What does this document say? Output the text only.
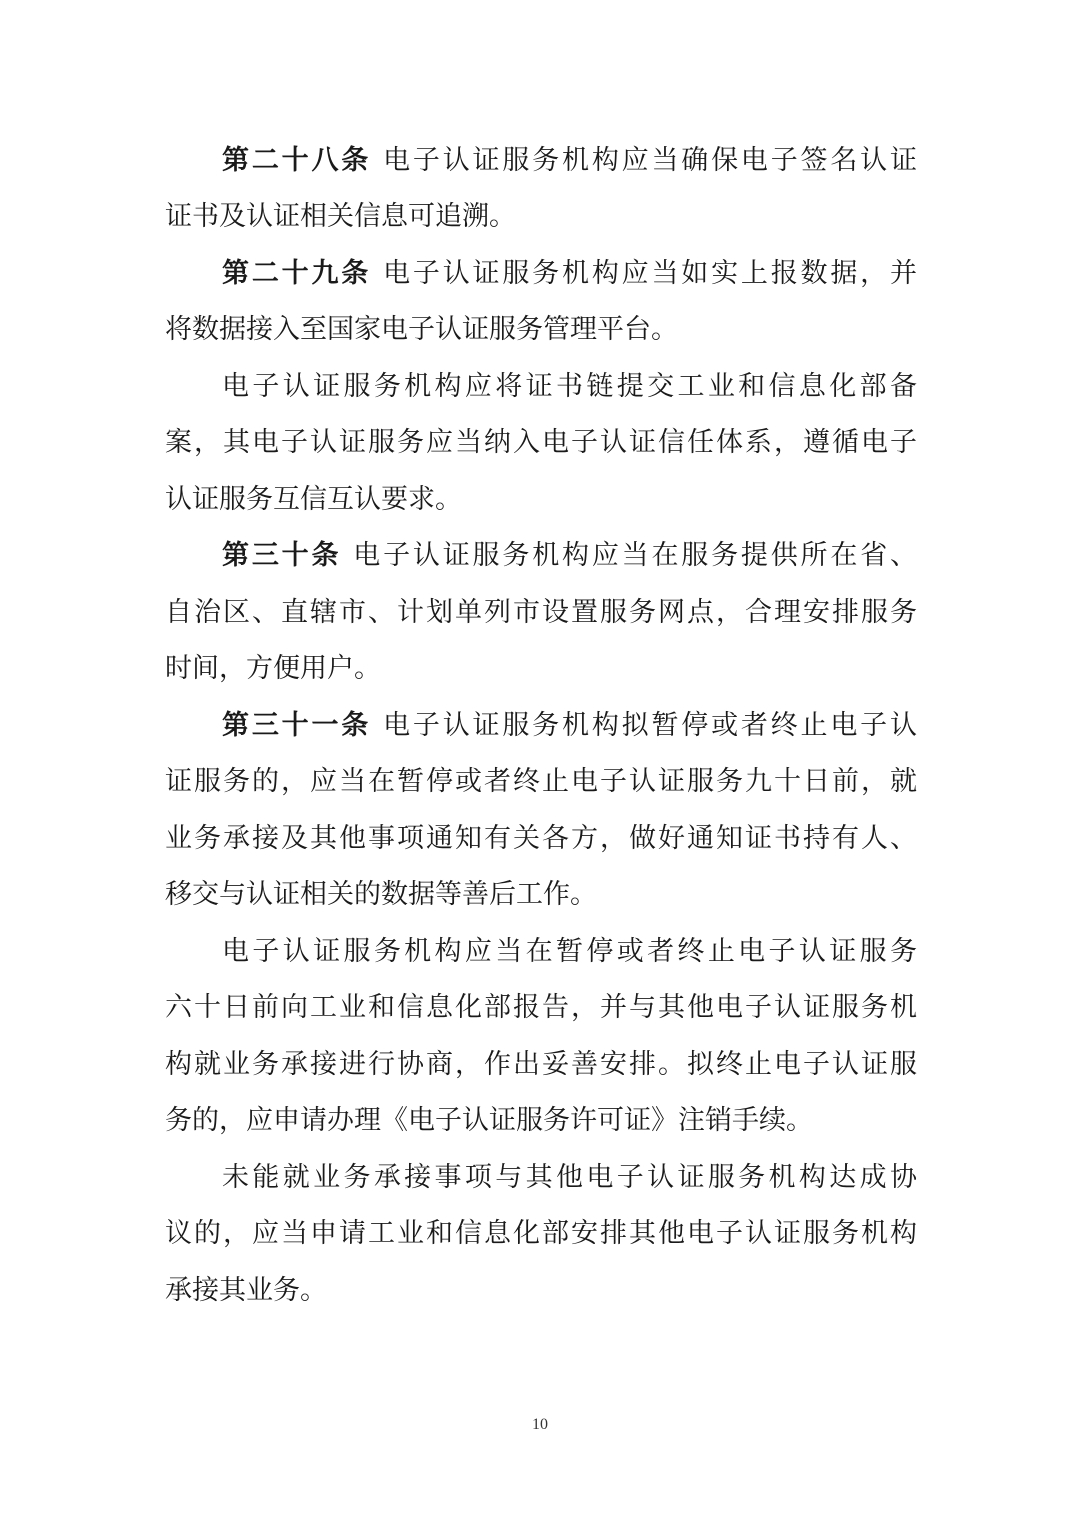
第二十八条 电子认证服务机构应当确保电子签名认证
证书及认证相关信息可追溯。
第二十九条 电子认证服务机构应当如实上报数据，并
将数据接入至国家电子认证服务管理平台。
电子认证服务机构应将证书链提交工业和信息化部备
案，其电子认证服务应当纳入电子认证信任体系，遵循电子
认证服务互信互认要求。
第三十条 电子认证服务机构应当在服务提供所在省、
自治区、直辖市、计划单列市设置服务网点，合理安排服务
时间，方便用户。
第三十一条 电子认证服务机构拟暂停或者终止电子认
证服务的，应当在暂停或者终止电子认证服务九十日前，就
业务承接及其他事项通知有关各方，做好通知证书持有人、
移交与认证相关的数据等善后工作。
电子认证服务机构应当在暂停或者终止电子认证服务
六十日前向工业和信息化部报告，并与其他电子认证服务机
构就业务承接进行协商，作出妥善安排。拟终止电子认证服
务的，应申请办理《电子认证服务许可证》注销手续。
未能就业务承接事项与其他电子认证服务机构达成协
议的，应当申请工业和信息化部安排其他电子认证服务机构
承接其业务。
10
